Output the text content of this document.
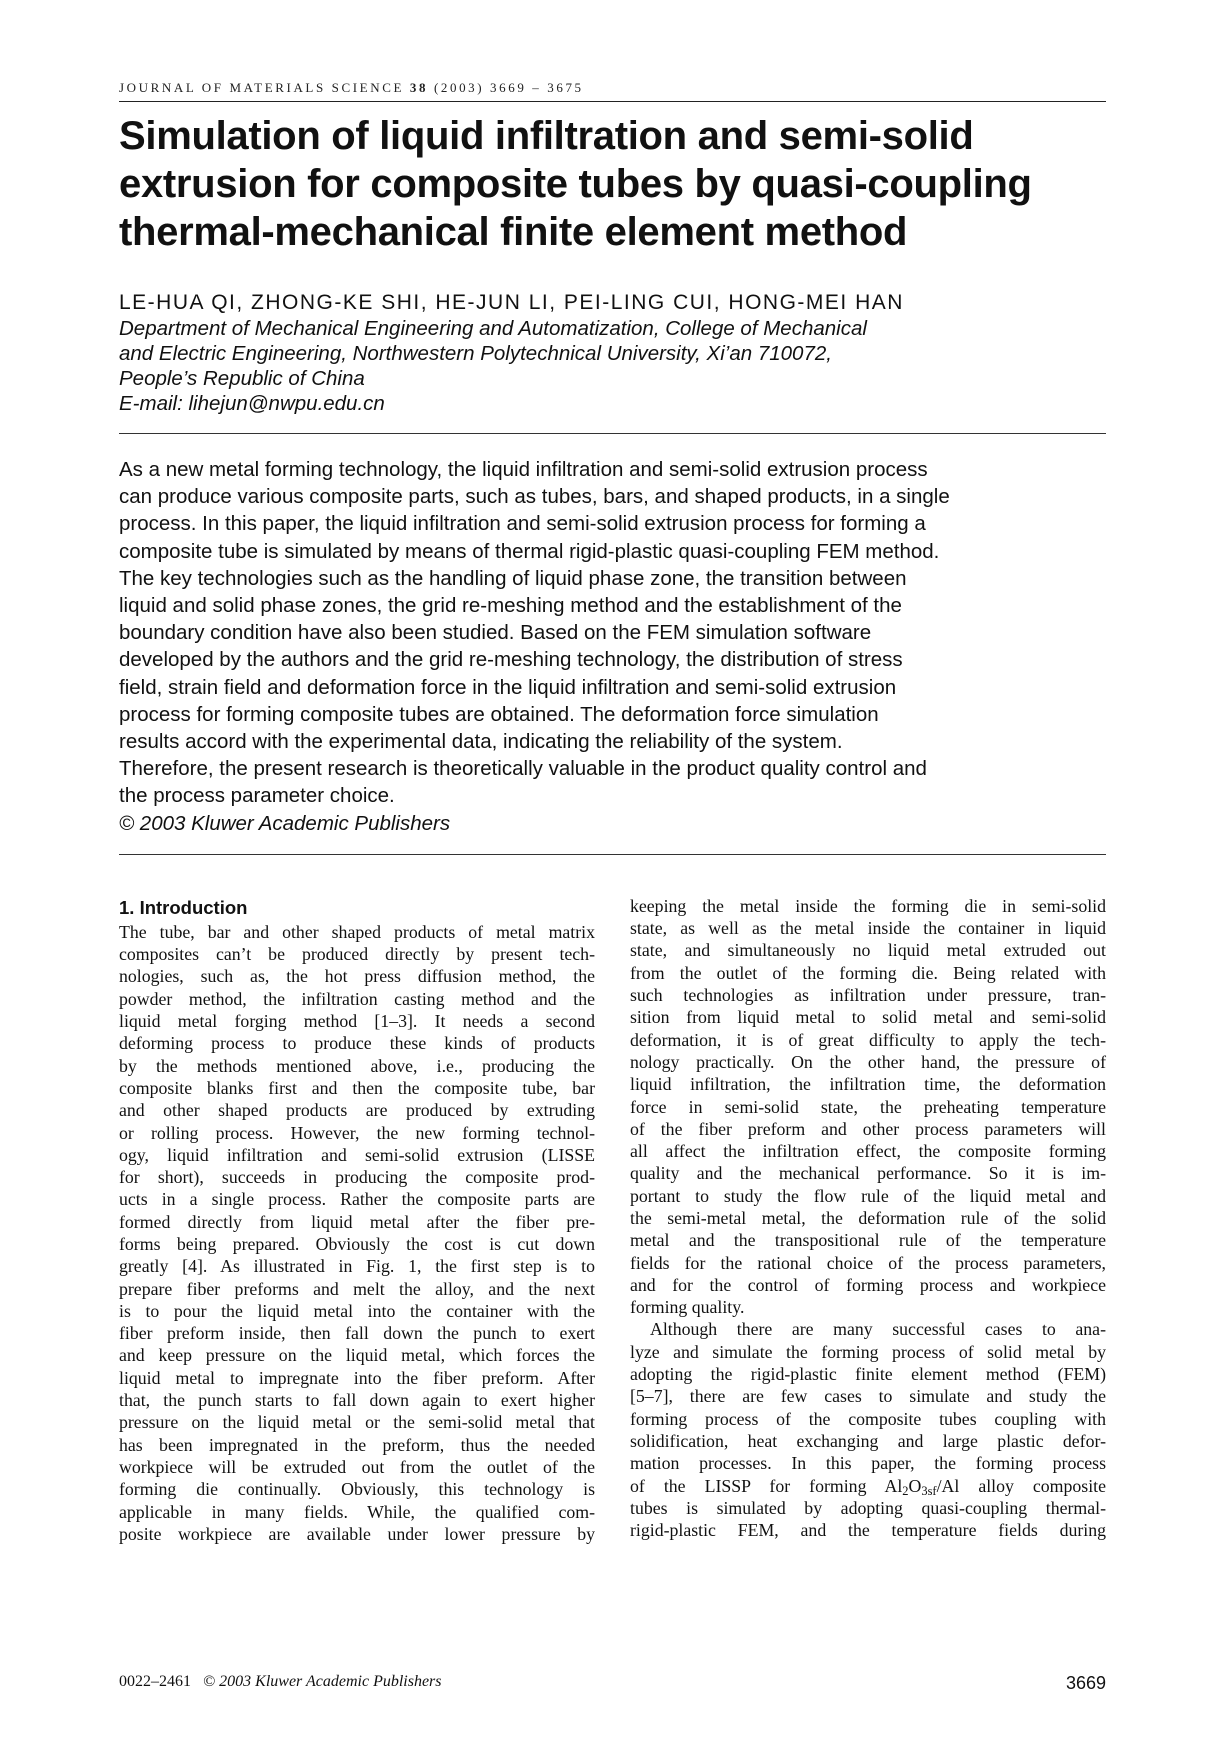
JOURNAL OF MATERIALS SCIENCE 38 (2003) 3669 – 3675
Simulation of liquid infiltration and semi-solid
extrusion for composite tubes by quasi-coupling
thermal-mechanical finite element method
LE-HUA QI, ZHONG-KE SHI, HE-JUN LI, PEI-LING CUI, HONG-MEI HAN
Department of Mechanical Engineering and Automatization, College of Mechanical
and Electric Engineering, Northwestern Polytechnical University, Xi’an 710072,
People’s Republic of China
E-mail: lihejun@nwpu.edu.cn
As a new metal forming technology, the liquid infiltration and semi-solid extrusion process
can produce various composite parts, such as tubes, bars, and shaped products, in a single
process. In this paper, the liquid infiltration and semi-solid extrusion process for forming a
composite tube is simulated by means of thermal rigid-plastic quasi-coupling FEM method.
The key technologies such as the handling of liquid phase zone, the transition between
liquid and solid phase zones, the grid re-meshing method and the establishment of the
boundary condition have also been studied. Based on the FEM simulation software
developed by the authors and the grid re-meshing technology, the distribution of stress
field, strain field and deformation force in the liquid infiltration and semi-solid extrusion
process for forming composite tubes are obtained. The deformation force simulation
results accord with the experimental data, indicating the reliability of the system.
Therefore, the present research is theoretically valuable in the product quality control and
the process parameter choice.
© 2003 Kluwer Academic Publishers
1. Introduction
The tube, bar and other shaped products of metal matrix
composites can’t be produced directly by present tech-
nologies, such as, the hot press diffusion method, the
powder method, the infiltration casting method and the
liquid metal forging method [1–3]. It needs a second
deforming process to produce these kinds of products
by the methods mentioned above, i.e., producing the
composite blanks first and then the composite tube, bar
and other shaped products are produced by extruding
or rolling process. However, the new forming technol-
ogy, liquid infiltration and semi-solid extrusion (LISSE
for short), succeeds in producing the composite prod-
ucts in a single process. Rather the composite parts are
formed directly from liquid metal after the fiber pre-
forms being prepared. Obviously the cost is cut down
greatly [4]. As illustrated in Fig. 1, the first step is to
prepare fiber preforms and melt the alloy, and the next
is to pour the liquid metal into the container with the
fiber preform inside, then fall down the punch to exert
and keep pressure on the liquid metal, which forces the
liquid metal to impregnate into the fiber preform. After
that, the punch starts to fall down again to exert higher
pressure on the liquid metal or the semi-solid metal that
has been impregnated in the preform, thus the needed
workpiece will be extruded out from the outlet of the
forming die continually. Obviously, this technology is
applicable in many fields. While, the qualified com-
posite workpiece are available under lower pressure by
keeping the metal inside the forming die in semi-solid
state, as well as the metal inside the container in liquid
state, and simultaneously no liquid metal extruded out
from the outlet of the forming die. Being related with
such technologies as infiltration under pressure, tran-
sition from liquid metal to solid metal and semi-solid
deformation, it is of great difficulty to apply the tech-
nology practically. On the other hand, the pressure of
liquid infiltration, the infiltration time, the deformation
force in semi-solid state, the preheating temperature
of the fiber preform and other process parameters will
all affect the infiltration effect, the composite forming
quality and the mechanical performance. So it is im-
portant to study the flow rule of the liquid metal and
the semi-metal metal, the deformation rule of the solid
metal and the transpositional rule of the temperature
fields for the rational choice of the process parameters,
and for the control of forming process and workpiece
forming quality.
Although there are many successful cases to ana-
lyze and simulate the forming process of solid metal by
adopting the rigid-plastic finite element method (FEM)
[5–7], there are few cases to simulate and study the
forming process of the composite tubes coupling with
solidification, heat exchanging and large plastic defor-
mation processes. In this paper, the forming process
of the LISSP for forming $Al_2O_{3sf}/Al$ alloy composite
tubes is simulated by adopting quasi-coupling thermal-
rigid-plastic FEM, and the temperature fields during
0022–2461 © 2003 Kluwer Academic Publishers	3669
